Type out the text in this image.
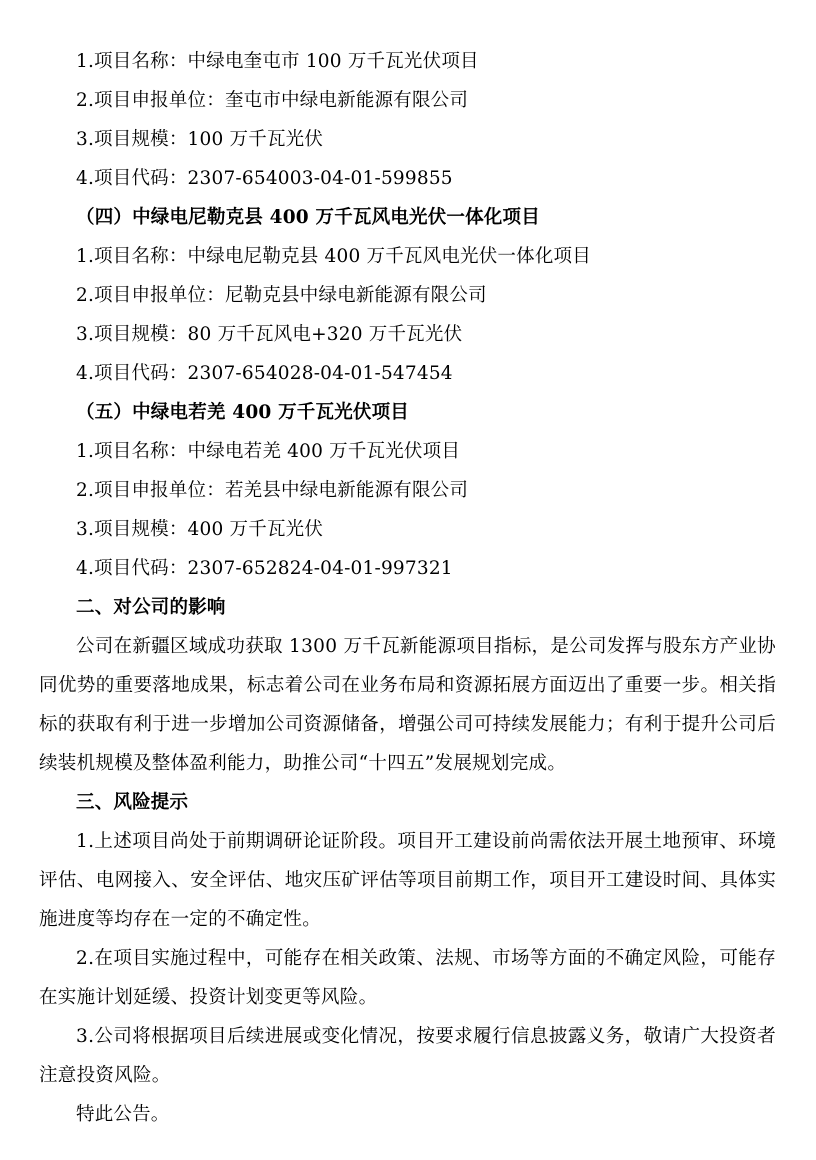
1.项目名称：中绿电奎屯市 100 万千瓦光伏项目
2.项目申报单位：奎屯市中绿电新能源有限公司
3.项目规模：100 万千瓦光伏
4.项目代码：2307-654003-04-01-599855
（四）中绿电尼勒克县 400 万千瓦风电光伏一体化项目
1.项目名称：中绿电尼勒克县 400 万千瓦风电光伏一体化项目
2.项目申报单位：尼勒克县中绿电新能源有限公司
3.项目规模：80 万千瓦风电+320 万千瓦光伏
4.项目代码：2307-654028-04-01-547454
（五）中绿电若羌 400 万千瓦光伏项目
1.项目名称：中绿电若羌 400 万千瓦光伏项目
2.项目申报单位：若羌县中绿电新能源有限公司
3.项目规模：400 万千瓦光伏
4.项目代码：2307-652824-04-01-997321
二、对公司的影响
公司在新疆区域成功获取 1300 万千瓦新能源项目指标，是公司发挥与股东方产业协同优势的重要落地成果，标志着公司在业务布局和资源拓展方面迈出了重要一步。相关指标的获取有利于进一步增加公司资源储备，增强公司可持续发展能力；有利于提升公司后续装机规模及整体盈利能力，助推公司“十四五”发展规划完成。
三、风险提示
1.上述项目尚处于前期调研论证阶段。项目开工建设前尚需依法开展土地预审、环境评估、电网接入、安全评估、地灾压矿评估等项目前期工作，项目开工建设时间、具体实施进度等均存在一定的不确定性。
2.在项目实施过程中，可能存在相关政策、法规、市场等方面的不确定风险，可能存在实施计划延缓、投资计划变更等风险。
3.公司将根据项目后续进展或变化情况，按要求履行信息披露义务，敬请广大投资者注意投资风险。
特此公告。
